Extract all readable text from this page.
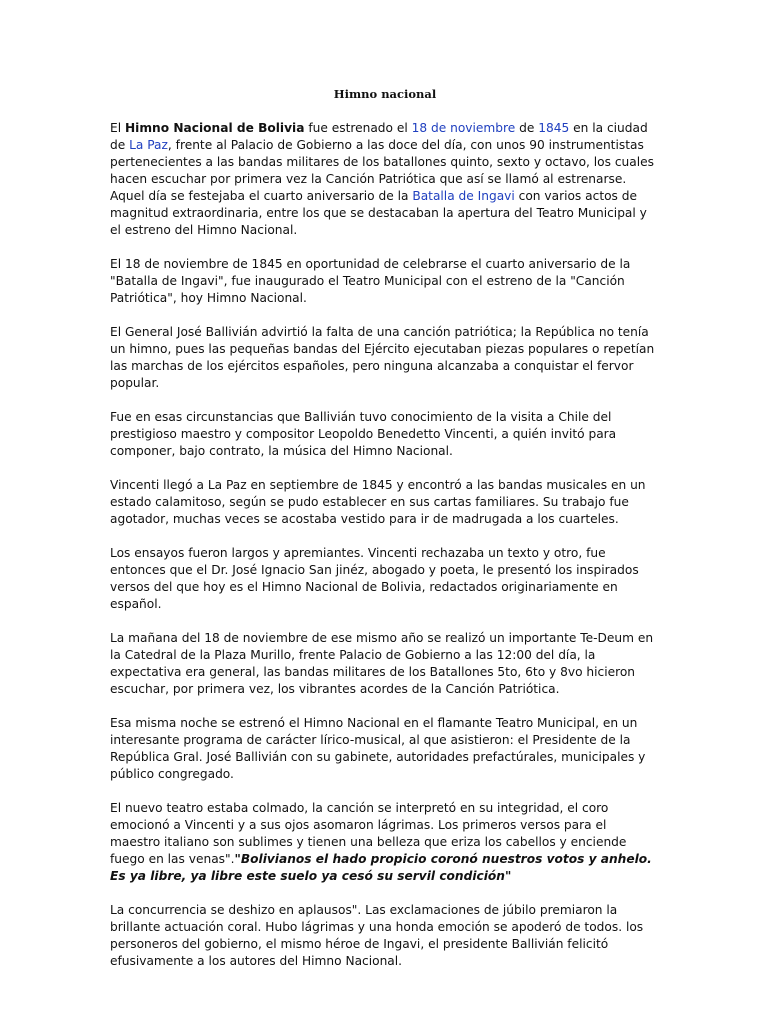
Himno nacional

El Himno Nacional de Bolivia fue estrenado el 18 de noviembre de 1845 en la ciudad de La Paz, frente al Palacio de Gobierno a las doce del día, con unos 90 instrumentistas pertenecientes a las bandas militares de los batallones quinto, sexto y octavo, los cuales hacen escuchar por primera vez la Canción Patriótica que así se llamó al estrenarse. Aquel día se festejaba el cuarto aniversario de la Batalla de Ingavi con varios actos de magnitud extraordinaria, entre los que se destacaban la apertura del Teatro Municipal y el estreno del Himno Nacional.

El 18 de noviembre de 1845 en oportunidad de celebrarse el cuarto aniversario de la "Batalla de Ingavi", fue inaugurado el Teatro Municipal con el estreno de la "Canción Patriótica", hoy Himno Nacional.

El General José Ballivián advirtió la falta de una canción patriótica; la República no tenía un himno, pues las pequeñas bandas del Ejército ejecutaban piezas populares o repetían las marchas de los ejércitos españoles, pero ninguna alcanzaba a conquistar el fervor popular.

Fue en esas circunstancias que Ballivián tuvo conocimiento de la visita a Chile del prestigioso maestro y compositor Leopoldo Benedetto Vincenti, a quién invitó para componer, bajo contrato, la música del Himno Nacional.

Vincenti llegó a La Paz en septiembre de 1845 y encontró a las bandas musicales en un estado calamitoso, según se pudo establecer en sus cartas familiares. Su trabajo fue agotador, muchas veces se acostaba vestido para ir de madrugada a los cuarteles.

Los ensayos fueron largos y apremiantes. Vincenti rechazaba un texto y otro, fue entonces que el Dr. José Ignacio San jinéz, abogado y poeta, le presentó los inspirados versos del que hoy es el Himno Nacional de Bolivia, redactados originariamente en español.

La mañana del 18 de noviembre de ese mismo año se realizó un importante Te-Deum en la Catedral de la Plaza Murillo, frente Palacio de Gobierno a las 12:00 del día, la expectativa era general, las bandas militares de los Batallones 5to, 6to y 8vo hicieron escuchar, por primera vez, los vibrantes acordes de la Canción Patriótica.

Esa misma noche se estrenó el Himno Nacional en el flamante Teatro Municipal, en un interesante programa de carácter lírico-musical, al que asistieron: el Presidente de la República Gral. José Ballivián con su gabinete, autoridades prefactúrales, municipales y público congregado.

El nuevo teatro estaba colmado, la canción se interpretó en su integridad, el coro emocionó a Vincenti y a sus ojos asomaron lágrimas. Los primeros versos para el maestro italiano son sublimes y tienen una belleza que eriza los cabellos y enciende fuego en las venas"."Bolivianos el hado propicio coronó nuestros votos y anhelo. Es ya libre, ya libre este suelo ya cesó su servil condición"

La concurrencia se deshizo en aplausos". Las exclamaciones de júbilo premiaron la brillante actuación coral. Hubo lágrimas y una honda emoción se apoderó de todos. los personeros del gobierno, el mismo héroe de Ingavi, el presidente Ballivián felicitó efusivamente a los autores del Himno Nacional.
